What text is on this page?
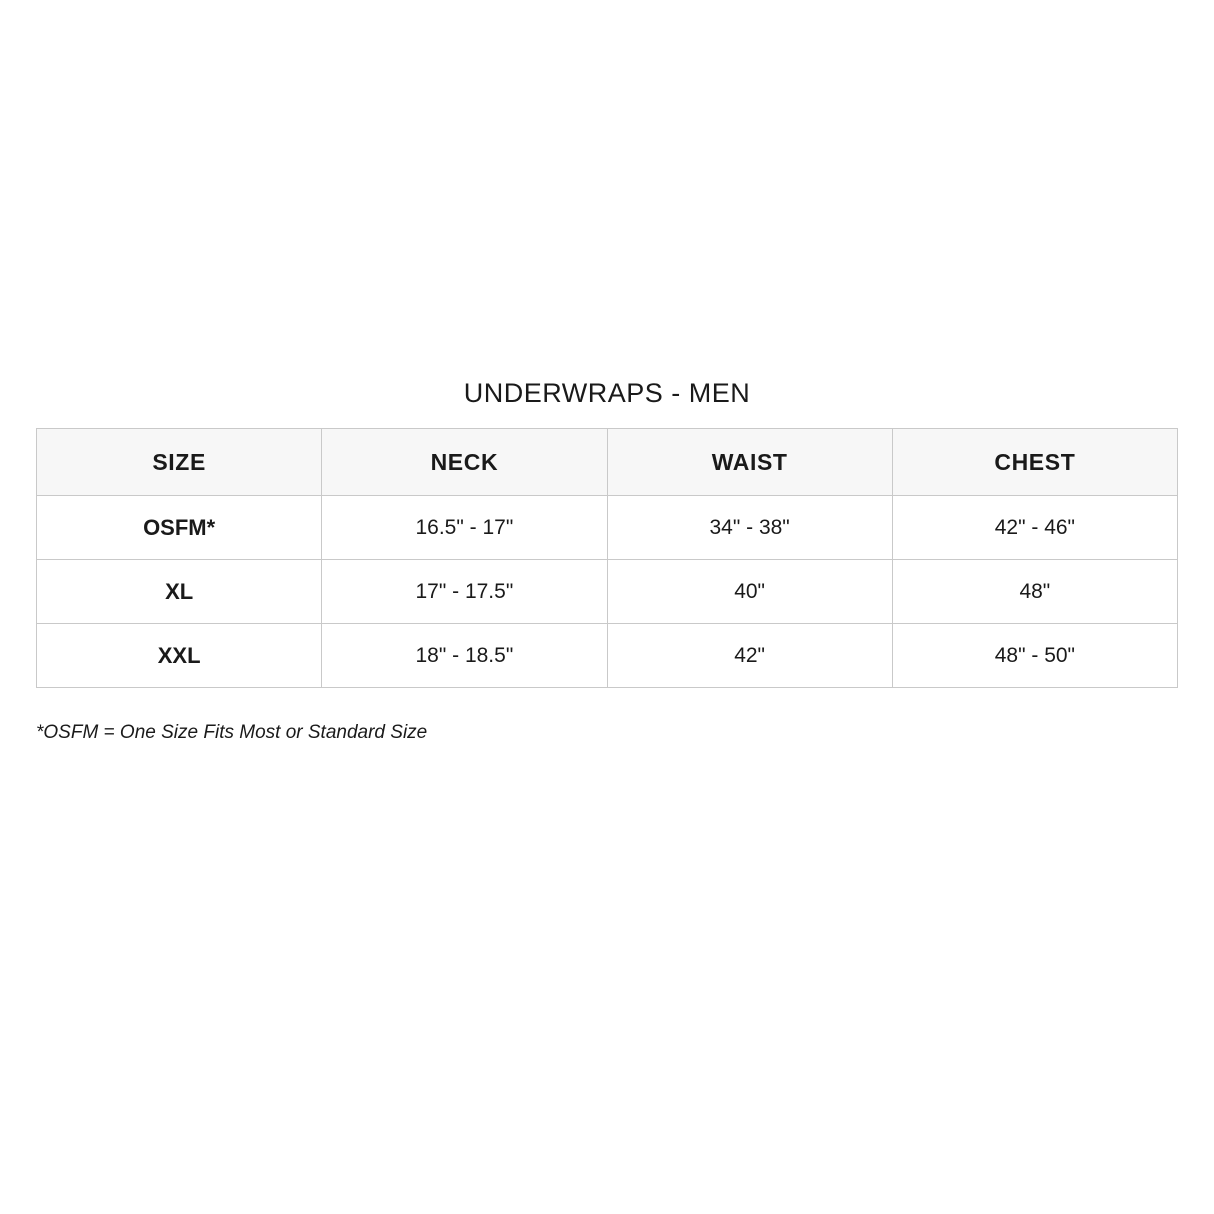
UNDERWRAPS - MEN
SIZE	NECK	WAIST	CHEST
OSFM*	16.5" - 17"	34" - 38"	42" - 46"
XL	17" - 17.5"	40"	48"
XXL	18" - 18.5"	42"	48" - 50"
*OSFM = One Size Fits Most or Standard Size
